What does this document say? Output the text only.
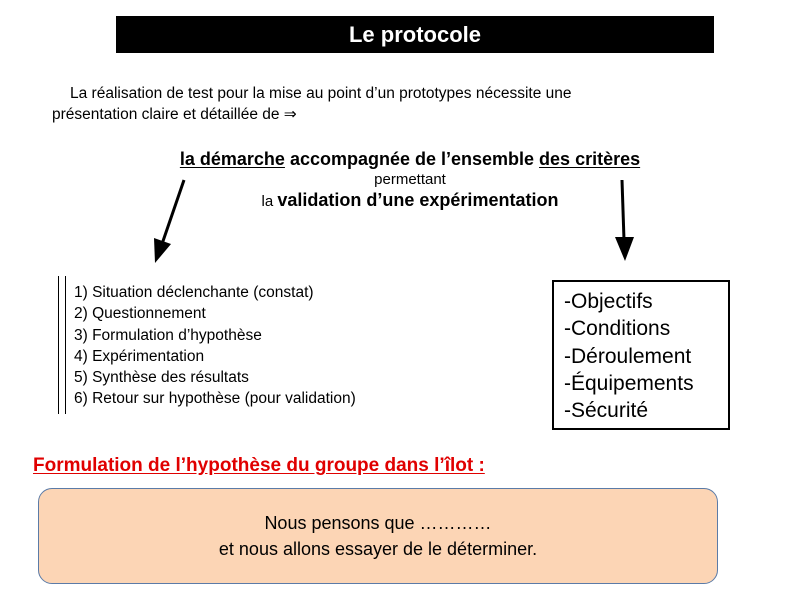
Le protocole
La réalisation de test pour la mise au point d’un prototypes nécessite une
présentation claire et détaillée de ⇒
la démarche accompagnée de l’ensemble des critères
permettant
la validation d’une expérimentation
1) Situation déclenchante (constat)
2) Questionnement
3) Formulation d’hypothèse
4) Expérimentation
5) Synthèse des résultats
6) Retour sur hypothèse (pour validation)
-Objectifs
-Conditions
-Déroulement
-Équipements
-Sécurité
Formulation de l’hypothèse du groupe dans l’îlot :
Nous pensons que …………
et nous allons essayer de le déterminer.
